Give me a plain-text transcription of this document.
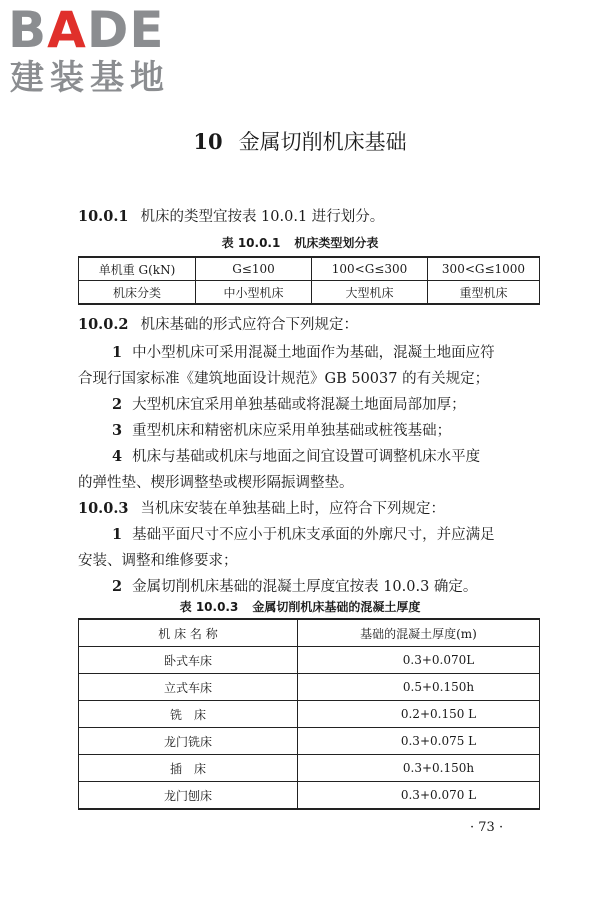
BADE
建装基地
10 金属切削机床基础
10.0.1 机床的类型宜按表 10.0.1 进行划分。
表 10.0.1 机床类型划分表
单机重 G(kN)	G≤100	100<G≤300	300<G≤1000
机床分类	中小型机床	大型机床	重型机床
10.0.2 机床基础的形式应符合下列规定：
1 中小型机床可采用混凝土地面作为基础，混凝土地面应符
合现行国家标准《建筑地面设计规范》GB 50037 的有关规定；
2 大型机床宜采用单独基础或将混凝土地面局部加厚；
3 重型机床和精密机床应采用单独基础或桩筏基础；
4 机床与基础或机床与地面之间宜设置可调整机床水平度
的弹性垫、楔形调整垫或楔形隔振调整垫。
10.0.3 当机床安装在单独基础上时，应符合下列规定：
1 基础平面尺寸不应小于机床支承面的外廓尺寸，并应满足
安装、调整和维修要求；
2 金属切削机床基础的混凝土厚度宜按表 10.0.3 确定。
表 10.0.3 金属切削机床基础的混凝土厚度
机 床 名 称	基础的混凝土厚度(m)
卧式车床	0.3+0.070L
立式车床	0.5+0.150h
铣　床	0.2+0.150 L
龙门铣床	0.3+0.075 L
插　床	0.3+0.150h
龙门刨床	0.3+0.070 L
· 73 ·
